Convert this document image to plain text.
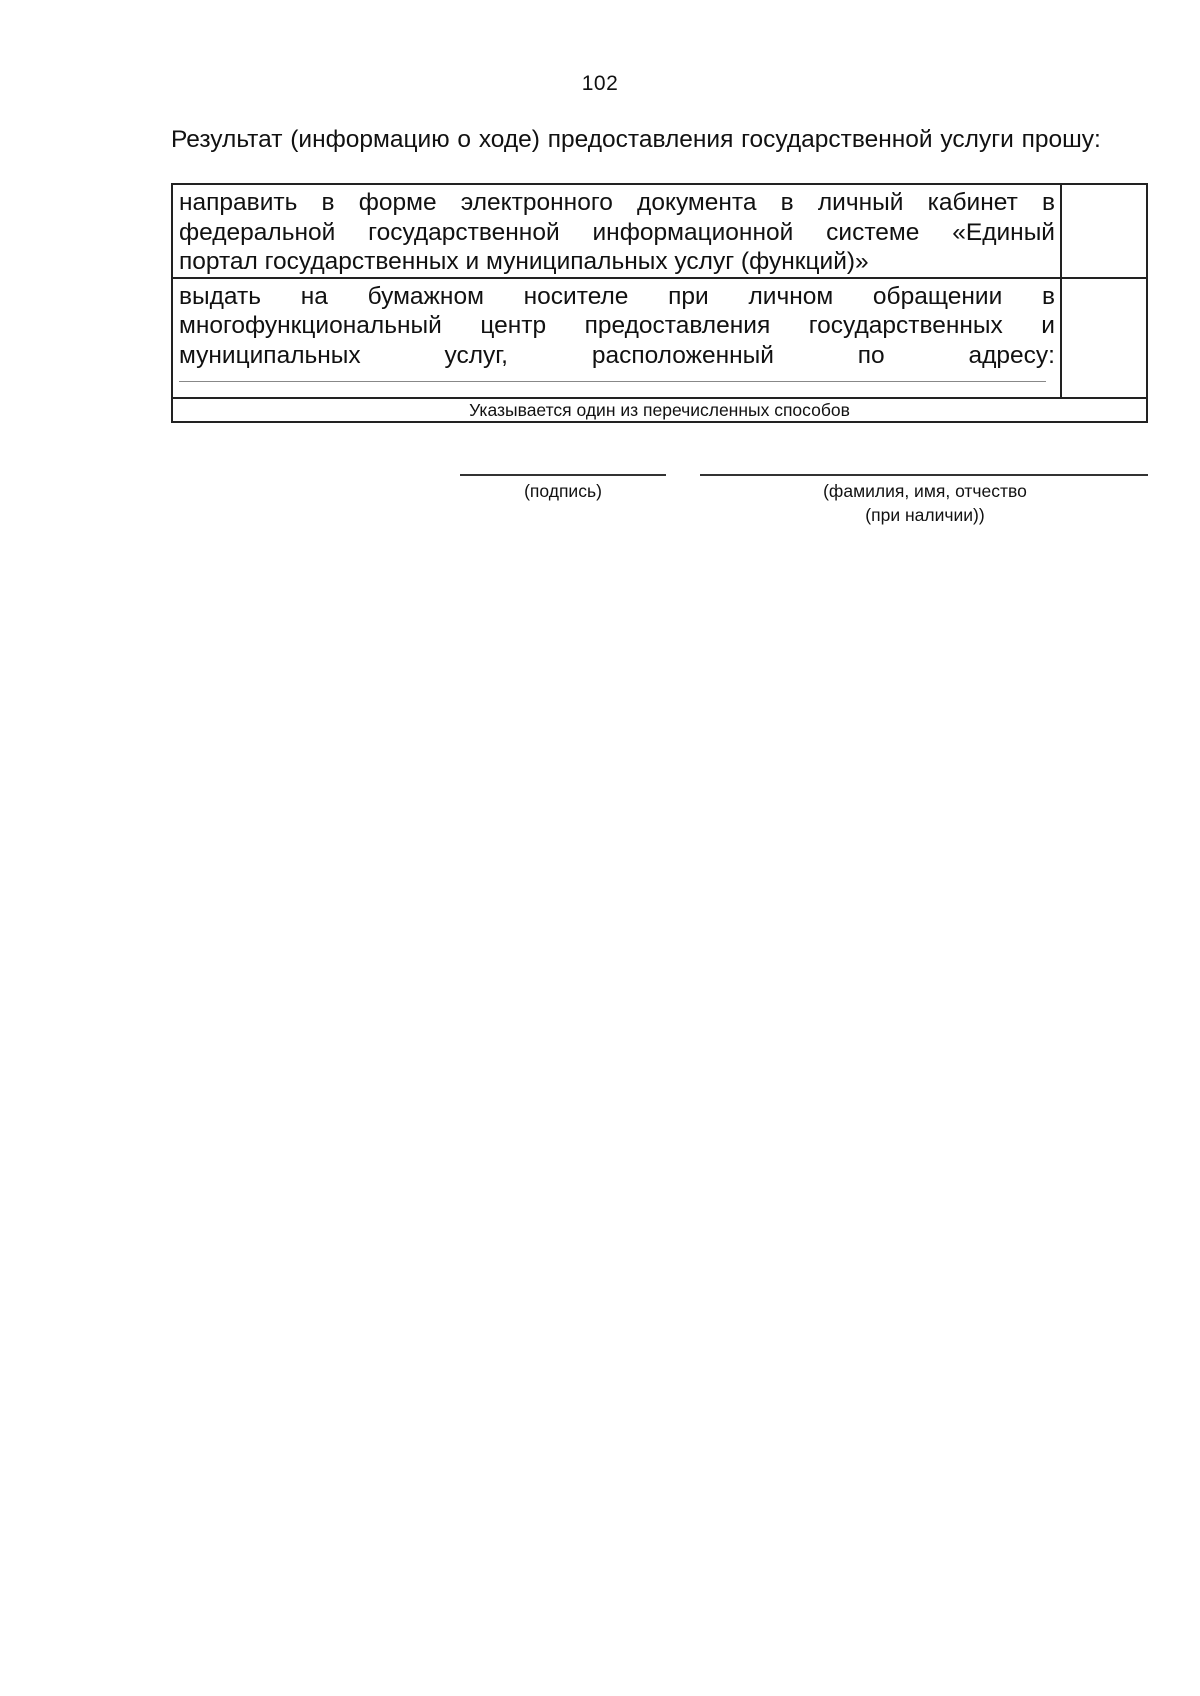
102
Результат (информацию о ходе) предоставления государственной услуги прошу:
направить в форме электронного документа в личный кабинет в
федеральной государственной информационной системе «Единый
портал государственных и муниципальных услуг (функций)»	

выдать на бумажном носителе при личном обращении в
многофункциональный центр предоставления государственных и
муниципальных услуг, расположенный по адресу:	

Указывается один из перечисленных способов	
(подпись)	(фамилия, имя, отчество
(при наличии))
